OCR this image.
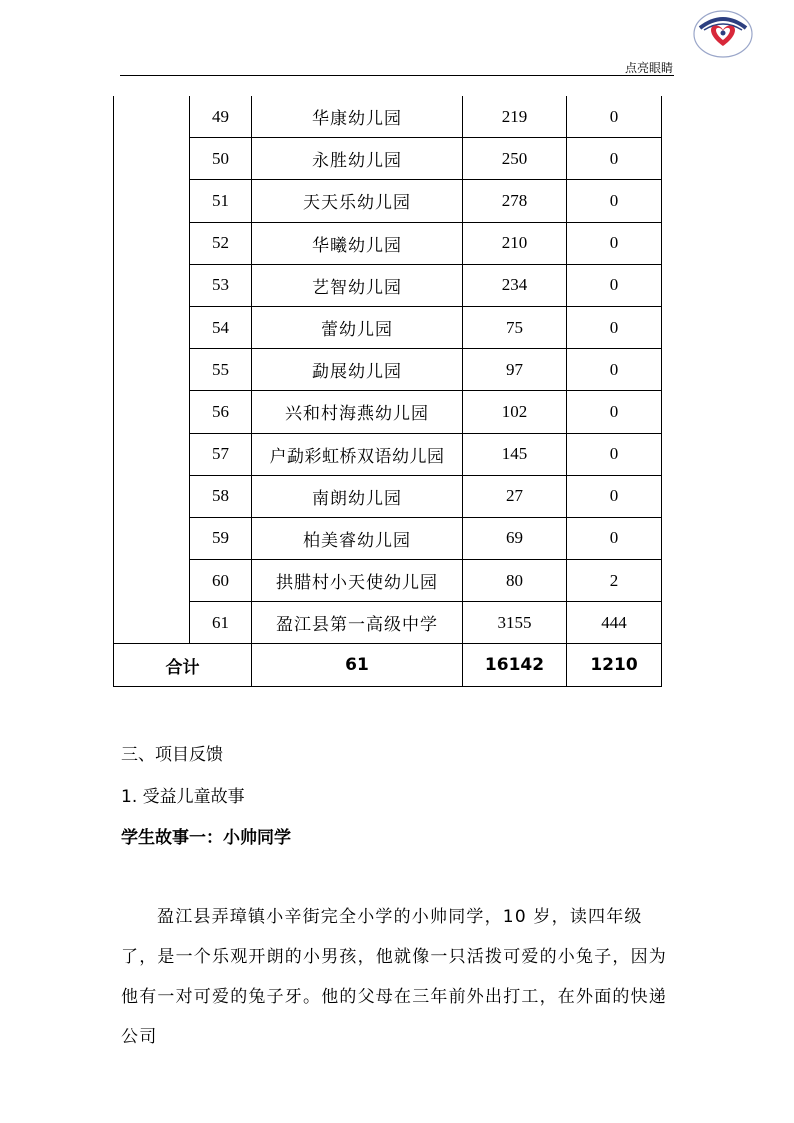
点亮眼睛
	49	华康幼儿园	219	0
	50	永胜幼儿园	250	0
	51	天天乐幼儿园	278	0
	52	华曦幼儿园	210	0
	53	艺智幼儿园	234	0
	54	蕾幼儿园	75	0
	55	勐展幼儿园	97	0
	56	兴和村海燕幼儿园	102	0
	57	户勐彩虹桥双语幼儿园	145	0
	58	南朗幼儿园	27	0
	59	柏美睿幼儿园	69	0
	60	拱腊村小天使幼儿园	80	2
	61	盈江县第一高级中学	3155	444
合计		61	16142	1210
三、项目反馈
1. 受益儿童故事
学生故事一：小帅同学
盈江县弄璋镇小辛街完全小学的小帅同学，10 岁，读四年级了，是一个乐观开朗的小男孩，他就像一只活拨可爱的小兔子，因为他有一对可爱的兔子牙。他的父母在三年前外出打工，在外面的快递公司
